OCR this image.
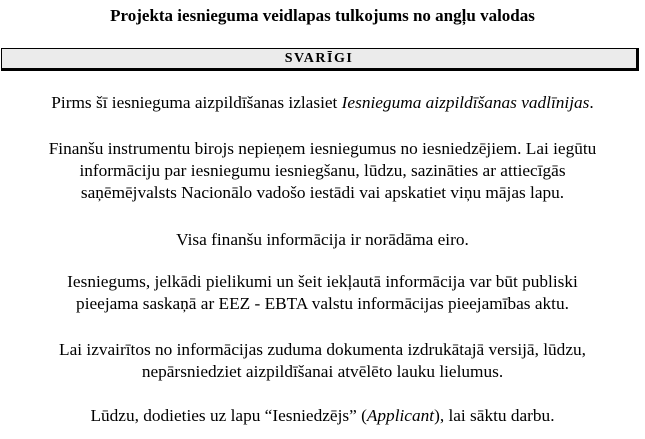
Projekta iesnieguma veidlapas tulkojums no angļu valodas
SVARĪGI
Pirms šī iesnieguma aizpildīšanas izlasiet Iesnieguma aizpildīšanas vadlīnijas.
Finanšu instrumentu birojs nepieņem iesniegumus no iesniedzējiem. Lai iegūtu
informāciju par iesniegumu iesniegšanu, lūdzu, sazināties ar attiecīgās
saņēmējvalsts Nacionālo vadošo iestādi vai apskatiet viņu mājas lapu.
Visa finanšu informācija ir norādāma eiro.
Iesniegums, jelkādi pielikumi un šeit iekļautā informācija var būt publiski
pieejama saskaņā ar EEZ - EBTA valstu informācijas pieejamības aktu.
Lai izvairītos no informācijas zuduma dokumenta izdrukātajā versijā, lūdzu,
nepārsniedziet aizpildīšanai atvēlēto lauku lielumus.
Lūdzu, dodieties uz lapu “Iesniedzējs” (Applicant), lai sāktu darbu.
